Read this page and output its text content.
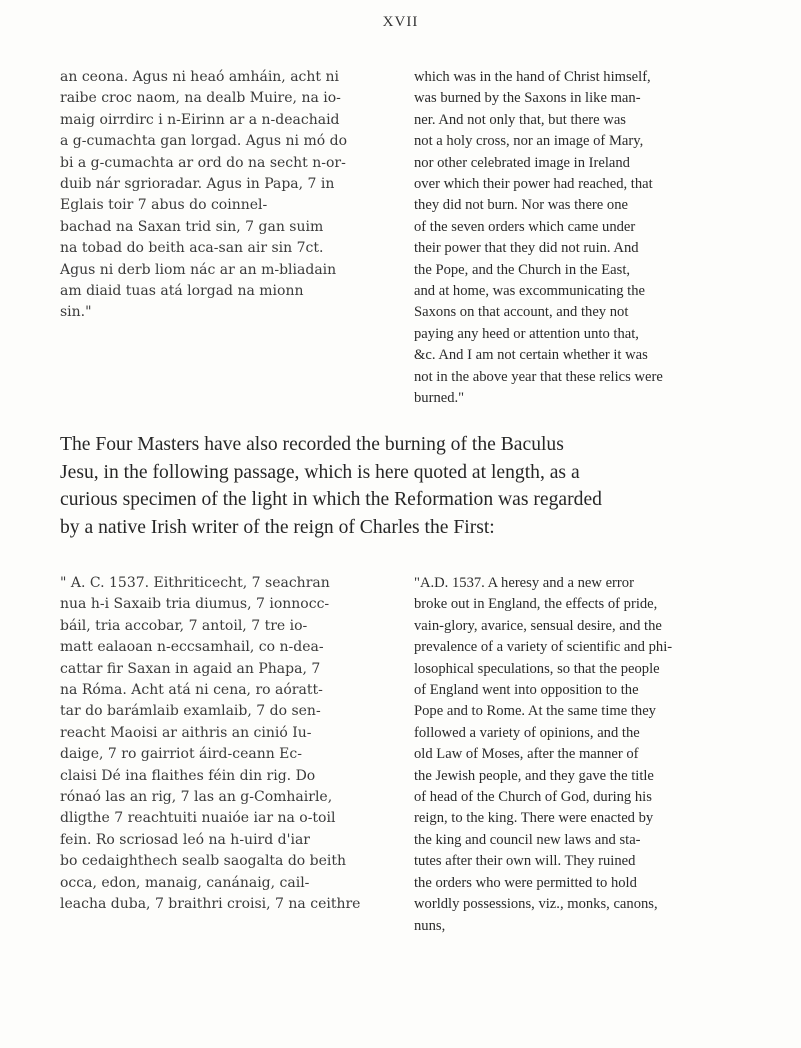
XVII

an ceona. Agus ni heaó amháin, acht ni
raibe croc naom, na dealb Muire, na io-
maig oirrdirc i n-Eirinn ar a n-deachaid
a g-cumachta gan lorgad. Agus ni mó do
bi a g-cumachta ar ord do na secht n-or-
duib nár sgrioradar. Agus in Papa, 7 in
Eglais toir 7 abus do coinnel-
bachad na Saxan trid sin, 7 gan suim
na tobad do beith aca-san air sin 7ct.
Agus ni derb liom nác ar an m-bliadain
am diaid tuas atá lorgad na mionn
sin."

which was in the hand of Christ himself,
was burned by the Saxons in like man-
ner. And not only that, but there was
not a holy cross, nor an image of Mary,
nor other celebrated image in Ireland
over which their power had reached, that
they did not burn. Nor was there one
of the seven orders which came under
their power that they did not ruin. And
the Pope, and the Church in the East,
and at home, was excommunicating the
Saxons on that account, and they not
paying any heed or attention unto that,
&c. And I am not certain whether it was
not in the above year that these relics were
burned."

The Four Masters have also recorded the burning of the Baculus
Jesu, in the following passage, which is here quoted at length, as a
curious specimen of the light in which the Reformation was regarded
by a native Irish writer of the reign of Charles the First:

" A. C. 1537. Eithriticecht, 7 seachran
nua h-i Saxaib tria diumus, 7 ionnocc-
báil, tria accobar, 7 antoil, 7 tre io-
matt ealaoan n-eccsamhail, co n-dea-
cattar fir Saxan in agaid an Phapa, 7
na Róma. Acht atá ni cena, ro aóratt-
tar do barámlaib examlaib, 7 do sen-
reacht Maoisi ar aithris an cinió Iu-
daige, 7 ro gairriot áird-ceann Ec-
claisi Dé ina flaithes féin din rig. Do
rónaó las an rig, 7 las an g-Comhairle,
dligthe 7 reachtuiti nuaióe iar na o-toil
fein. Ro scriosad leó na h-uird d'iar
bo cedaighthech sealb saogaltа do beith
occa, edon, manaig, canánaig, cail-
leacha duba, 7 braithri croisi, 7 na ceithre

"A.D. 1537. A heresy and a new error
broke out in England, the effects of pride,
vain-glory, avarice, sensual desire, and the
prevalence of a variety of scientific and phi-
losophical speculations, so that the people
of England went into opposition to the
Pope and to Rome. At the same time they
followed a variety of opinions, and the
old Law of Moses, after the manner of
the Jewish people, and they gave the title
of head of the Church of God, during his
reign, to the king. There were enacted by
the king and council new laws and sta-
tutes after their own will. They ruined
the orders who were permitted to hold
worldly possessions, viz., monks, canons,
nuns,
